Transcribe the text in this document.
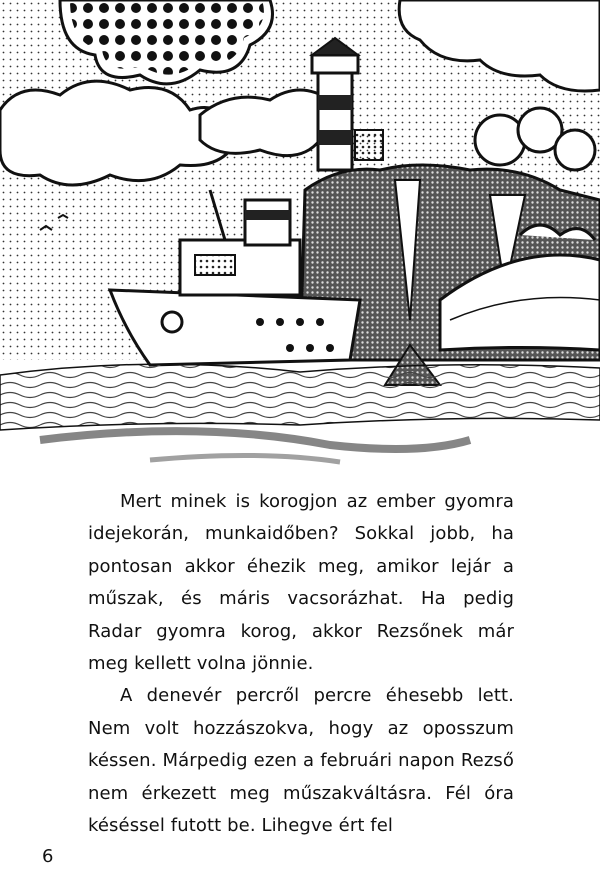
Mert minek is korogjon az ember gyomra idejekorán, munkaidőben? Sokkal jobb, ha pontosan akkor éhezik meg, amikor lejár a műszak, és máris vacsorázhat. Ha pedig Radar gyomra korog, akkor Rezsőnek már meg kellett volna jönnie.

A denevér percről percre éhesebb lett. Nem volt hozzászokva, hogy az oposszum késsen. Márpedig ezen a februári napon Rezső nem érkezett meg műszakváltásra. Fél óra késéssel futott be. Lihegve ért fel

6
